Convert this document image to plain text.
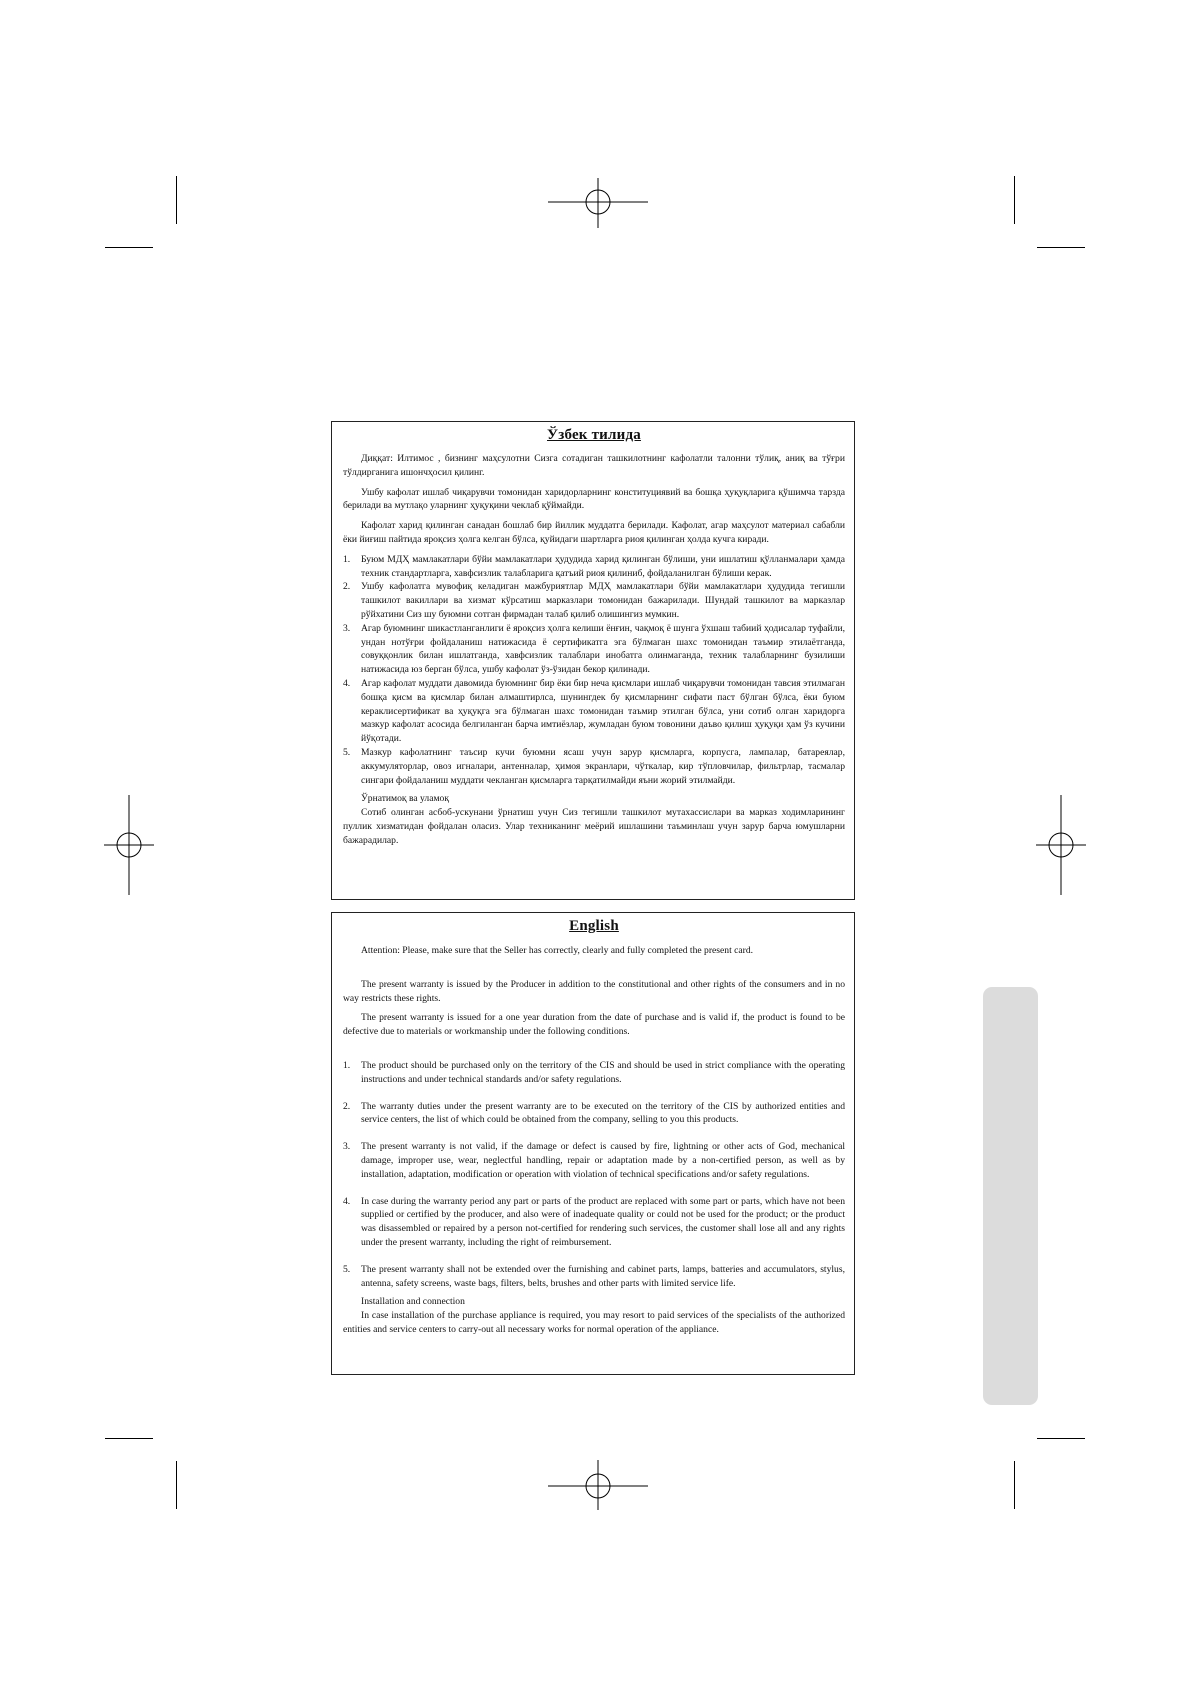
Ўзбек тилида

Диққат: Илтимос , бизнинг маҳсулотни Сизга сотадиган ташкилотнинг кафолатли талонни тўлиқ, аниқ ва тўғри тўлдирганига ишончҳосил қилинг.

Ушбу кафолат ишлаб чиқарувчи томонидан харидорларнинг конституциявий ва бошқа ҳуқуқларига қўшимча тарзда берилади ва мутлақо уларнинг ҳуқуқини чеклаб қўймайди.

Кафолат харид қилинган санадан бошлаб бир йиллик муддатга берилади. Кафолат, агар маҳсулот материал сабабли ёки йиғиш пайтида яроқсиз ҳолга келган бўлса, қуйидаги шартларга риоя қилинган ҳолда кучга киради.

1. Буюм МДҲ мамлакатлари бўйи мамлакатлари ҳудудида харид қилинган бўлиши, уни ишлатиш қўлланмалари ҳамда техник стандартларга, хавфсизлик талабларига қатъий риоя қилиниб, фойдаланилган бўлиши керак.
2. Ушбу кафолатга мувофиқ келадиган мажбуриятлар МДҲ мамлакатлари бўйи мамлакатлари ҳудудида тегишли ташкилот вакиллари ва хизмат кўрсатиш марказлари томонидан бажарилади. Шундай ташкилот ва марказлар рўйхатини Сиз шу буюмни сотган фирмадан талаб қилиб олишингиз мумкин.
3. Агар буюмнинг шикастланганлиги ё яроқсиз ҳолга келиши ёнғин, чақмоқ ё шунга ўхшаш табиий ҳодисалар туфайли, ундан нотўғри фойдаланиш натижасида ё сертификатга эга бўлмаган шахс томонидан таъмир этилаётганда, совуққонлик билан ишлатганда, хавфсизлик талаблари инобатга олинмаганда, техник талабларнинг бузилиши натижасида юз берган бўлса, ушбу кафолат ўз-ўзидан бекор қилинади.
4. Агар кафолат муддати давомида буюмнинг бир ёки бир неча қисмлари ишлаб чиқарувчи томонидан тавсия этилмаган бошқа қисм ва қисмлар билан алмаштирлса, шунингдек бу қисмларнинг сифати паст бўлган бўлса, ёки буюм кераклисертификат ва ҳуқуқга эга бўлмаган шахс томонидан таъмир этилган бўлса, уни сотиб олган харидорга мазкур кафолат асосида белгиланган барча имтиёзлар, жумладан буюм товонини даъво қилиш ҳуқуқи ҳам ўз кучини йўқотади.
5. Мазкур кафолатнинг таъсир кучи буюмни ясаш учун зарур қисмларга, корпусга, лампалар, батареялар, аккумуляторлар, овоз игналари, антенналар, ҳимоя экранлари, чўткалар, кир тўпловчилар, фильтрлар, тасмалар сингари фойдаланиш муддати чекланган қисмларга тарқатилмайди яъни жорий этилмайди.

Ўрнатимоқ ва уламоқ

Сотиб олинган асбоб-ускунани ўрнатиш учун Сиз тегишли ташкилот мутахассислари ва марказ ходимларининг пуллик хизматидан фойдалан оласиз. Улар техниканинг меёрий ишлашини таъминлаш учун зарур барча юмушларни бажарадилар.

English

Attention: Please, make sure that the Seller has correctly, clearly and fully completed the present card.

The present warranty is issued by the Producer in addition to the constitutional and other rights of the consumers and in no way restricts these rights.

The present warranty is issued for a one year duration from the date of purchase and is valid if, the product is found to be defective due to materials or workmanship under the following conditions.

1. The product should be purchased only on the territory of the CIS and should be used in strict compliance with the operating instructions and under technical standards and/or safety regulations.
2. The warranty duties under the present warranty are to be executed on the territory of the CIS by authorized entities and service centers, the list of which could be obtained from the company, selling to you this products.
3. The present warranty is not valid, if the damage or defect is caused by fire, lightning or other acts of God, mechanical damage, improper use, wear, neglectful handling, repair or adaptation made by a non-certified person, as well as by installation, adaptation, modification or operation with violation of technical specifications and/or safety regulations.
4. In case during the warranty period any part or parts of the product are replaced with some part or parts, which have not been supplied or certified by the producer, and also were of inadequate quality or could not be used for the product; or the product was disassembled or repaired by a person not-certified for rendering such services, the customer shall lose all and any rights under the present warranty, including the right of reimbursement.
5. The present warranty shall not be extended over the furnishing and cabinet parts, lamps, batteries and accumulators, stylus, antenna, safety screens, waste bags, filters, belts, brushes and other parts with limited service life.

Installation and connection

In case installation of the purchase appliance is required, you may resort to paid services of the specialists of the authorized entities and service centers to carry-out all necessary works for normal operation of the appliance.
